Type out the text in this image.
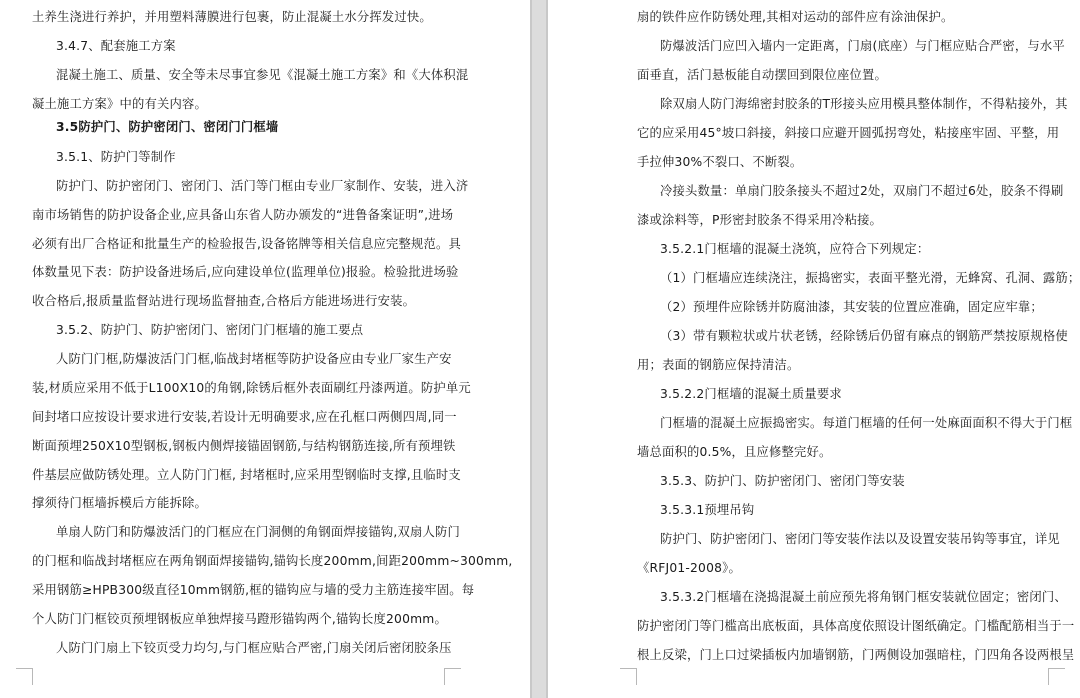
土养生浇进行养护，并用塑料薄膜进行包裹，防止混凝土水分挥发过快。
3.4.7、配套施工方案
混凝土施工、质量、安全等未尽事宜参见《混凝土施工方案》和《大体积混
凝土施工方案》中的有关内容。
3.5防护门、防护密闭门、密闭门门框墙
3.5.1、防护门等制作
防护门、防护密闭门、密闭门、活门等门框由专业厂家制作、安装，进入济
南市场销售的防护设备企业,应具备山东省人防办颁发的“进鲁备案证明”,进场
必须有出厂合格证和批量生产的检验报告,设备铭牌等相关信息应完整规范。具
体数量见下表：防护设备进场后,应向建设单位(监理单位)报验。检验批进场验
收合格后,报质量监督站进行现场监督抽查,合格后方能进场进行安装。
3.5.2、防护门、防护密闭门、密闭门门框墙的施工要点
人防门门框,防爆波活门门框,临战封堵框等防护设备应由专业厂家生产安
装,材质应采用不低于L100X10的角钢,除锈后框外表面刷红丹漆两道。防护单元
间封堵口应按设计要求进行安装,若设计无明确要求,应在孔框口两侧四周,同一
断面预埋250X10型钢板,钢板内侧焊接锚固钢筋,与结构钢筋连接,所有预埋铁
件基层应做防锈处理。立人防门门框, 封堵框时,应采用型钢临时支撑,且临时支
撑须待门框墙拆模后方能拆除。
单扇人防门和防爆波活门的门框应在门洞侧的角钢面焊接锚钩,双扇人防门
的门框和临战封堵框应在两角钢面焊接锚钩,锚钩长度200mm,间距200mm~300mm,
采用钢筋≥HPB300级直径10mm钢筋,框的锚钩应与墙的受力主筋连接牢固。每
个人防门门框铰页预埋钢板应单独焊接马蹬形锚钩两个,锚钩长度200mm。
人防门门扇上下铰页受力均匀,与门框应贴合严密,门扇关闭后密闭胶条压
扇的铁件应作防锈处理,其相对运动的部件应有涂油保护。
防爆波活门应凹入墙内一定距离，门扇(底座）与门框应贴合严密，与水平
面垂直，活门悬板能自动摆回到限位座位置。
除双扇人防门海绵密封胶条的T形接头应用模具整体制作，不得粘接外，其
它的应采用45°坡口斜接，斜接口应避开圆弧拐弯处，粘接座牢固、平整，用
手拉伸30%不裂口、不断裂。
冷接头数量：单扇门胶条接头不超过2处，双扇门不超过6处，胶条不得刷
漆或涂料等，P形密封胶条不得采用冷粘接。
3.5.2.1门框墙的混凝土浇筑，应符合下列规定：
（1）门框墙应连续浇注，振捣密实，表面平整光滑，无蜂窝、孔洞、露筋；
（2）预埋件应除锈并防腐油漆，其安装的位置应准确，固定应牢靠；
（3）带有颗粒状或片状老锈，经除锈后仍留有麻点的钢筋严禁按原规格使
用；表面的钢筋应保持清洁。
3.5.2.2门框墙的混凝土质量要求
门框墙的混凝土应振捣密实。每道门框墙的任何一处麻面面积不得大于门框
墙总面积的0.5%，且应修整完好。
3.5.3、防护门、防护密闭门、密闭门等安装
3.5.3.1预埋吊钩
防护门、防护密闭门、密闭门等安装作法以及设置安装吊钩等事宜，详见
《RFJ01-2008》。
3.5.3.2门框墙在浇捣混凝土前应预先将角钢门框安装就位固定；密闭门、
防护密闭门等门槛高出底板面，具体高度依照设计图纸确定。门槛配筋相当于一
根上反梁，门上口过梁插板内加墙钢筋，门两侧设加强暗柱，门四角各设两根呈
